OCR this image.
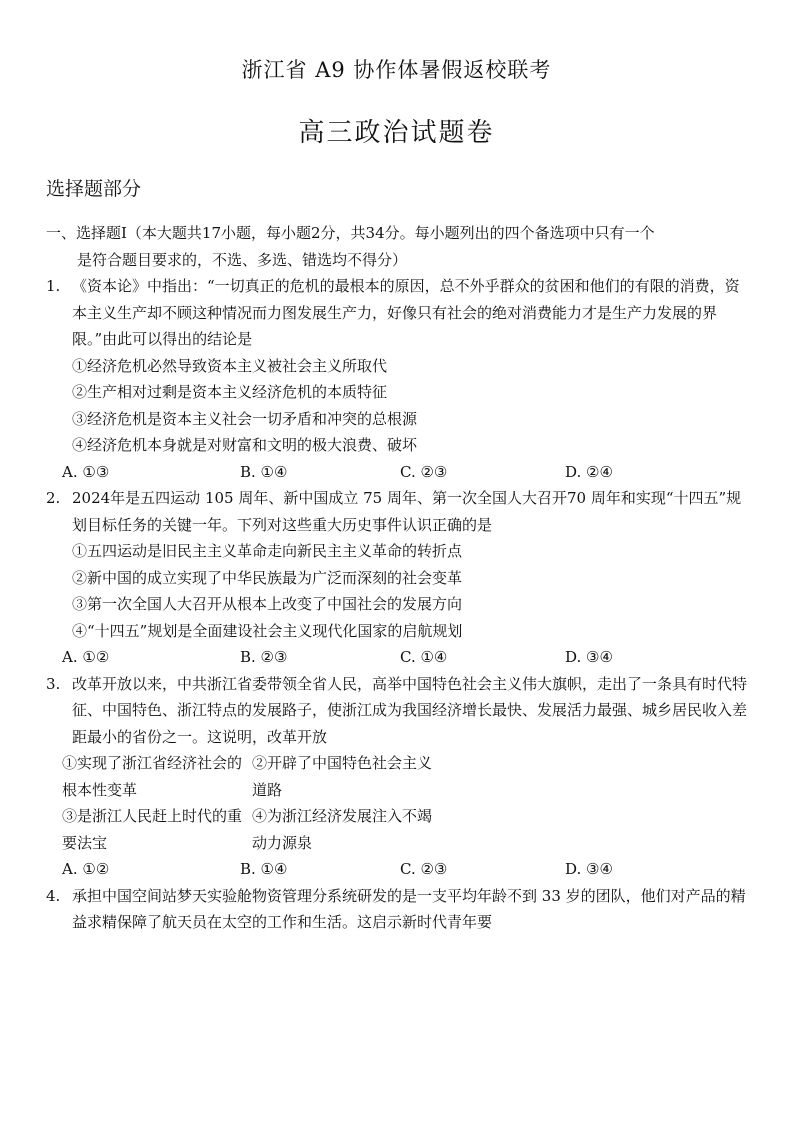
浙江省 A9 协作体暑假返校联考
高三政治试题卷
选择题部分
一、选择题Ⅰ（本大题共17小题，每小题2分，共34分。每小题列出的四个备选项中只有一个
是符合题目要求的，不选、多选、错选均不得分）
1. 《资本论》中指出：“一切真正的危机的最根本的原因，总不外乎群众的贫困和他们的有限的消费，资本主义生产却不顾这种情况而力图发展生产力，好像只有社会的绝对消费能力才是生产力发展的界限。”由此可以得出的结论是
①经济危机必然导致资本主义被社会主义所取代
②生产相对过剩是资本主义经济危机的本质特征
③经济危机是资本主义社会一切矛盾和冲突的总根源
④经济危机本身就是对财富和文明的极大浪费、破坏
A. ①③	B. ①④	C. ②③	D. ②④
2. 2024年是五四运动 105 周年、新中国成立 75 周年、第一次全国人大召开70 周年和实现“十四五”规划目标任务的关键一年。下列对这些重大历史事件认识正确的是
①五四运动是旧民主主义革命走向新民主主义革命的转折点
②新中国的成立实现了中华民族最为广泛而深刻的社会变革
③第一次全国人大召开从根本上改变了中国社会的发展方向
④“十四五”规划是全面建设社会主义现代化国家的启航规划
A. ①②	B. ②③	C. ①④	D. ③④
3. 改革开放以来，中共浙江省委带领全省人民，高举中国特色社会主义伟大旗帜，走出了一条具有时代特征、中国特色、浙江特点的发展路子，使浙江成为我国经济增长最快、发展活力最强、城乡居民收入差距最小的省份之一。这说明，改革开放
①实现了浙江省经济社会的根本性变革
②开辟了中国特色社会主义道路
③是浙江人民赶上时代的重要法宝
④为浙江经济发展注入不竭动力源泉
A. ①②	B. ①④	C. ②③	D. ③④
4. 承担中国空间站梦天实验舱物资管理分系统研发的是一支平均年龄不到 33 岁的团队，他们对产品的精益求精保障了航天员在太空的工作和生活。这启示新时代青年要
